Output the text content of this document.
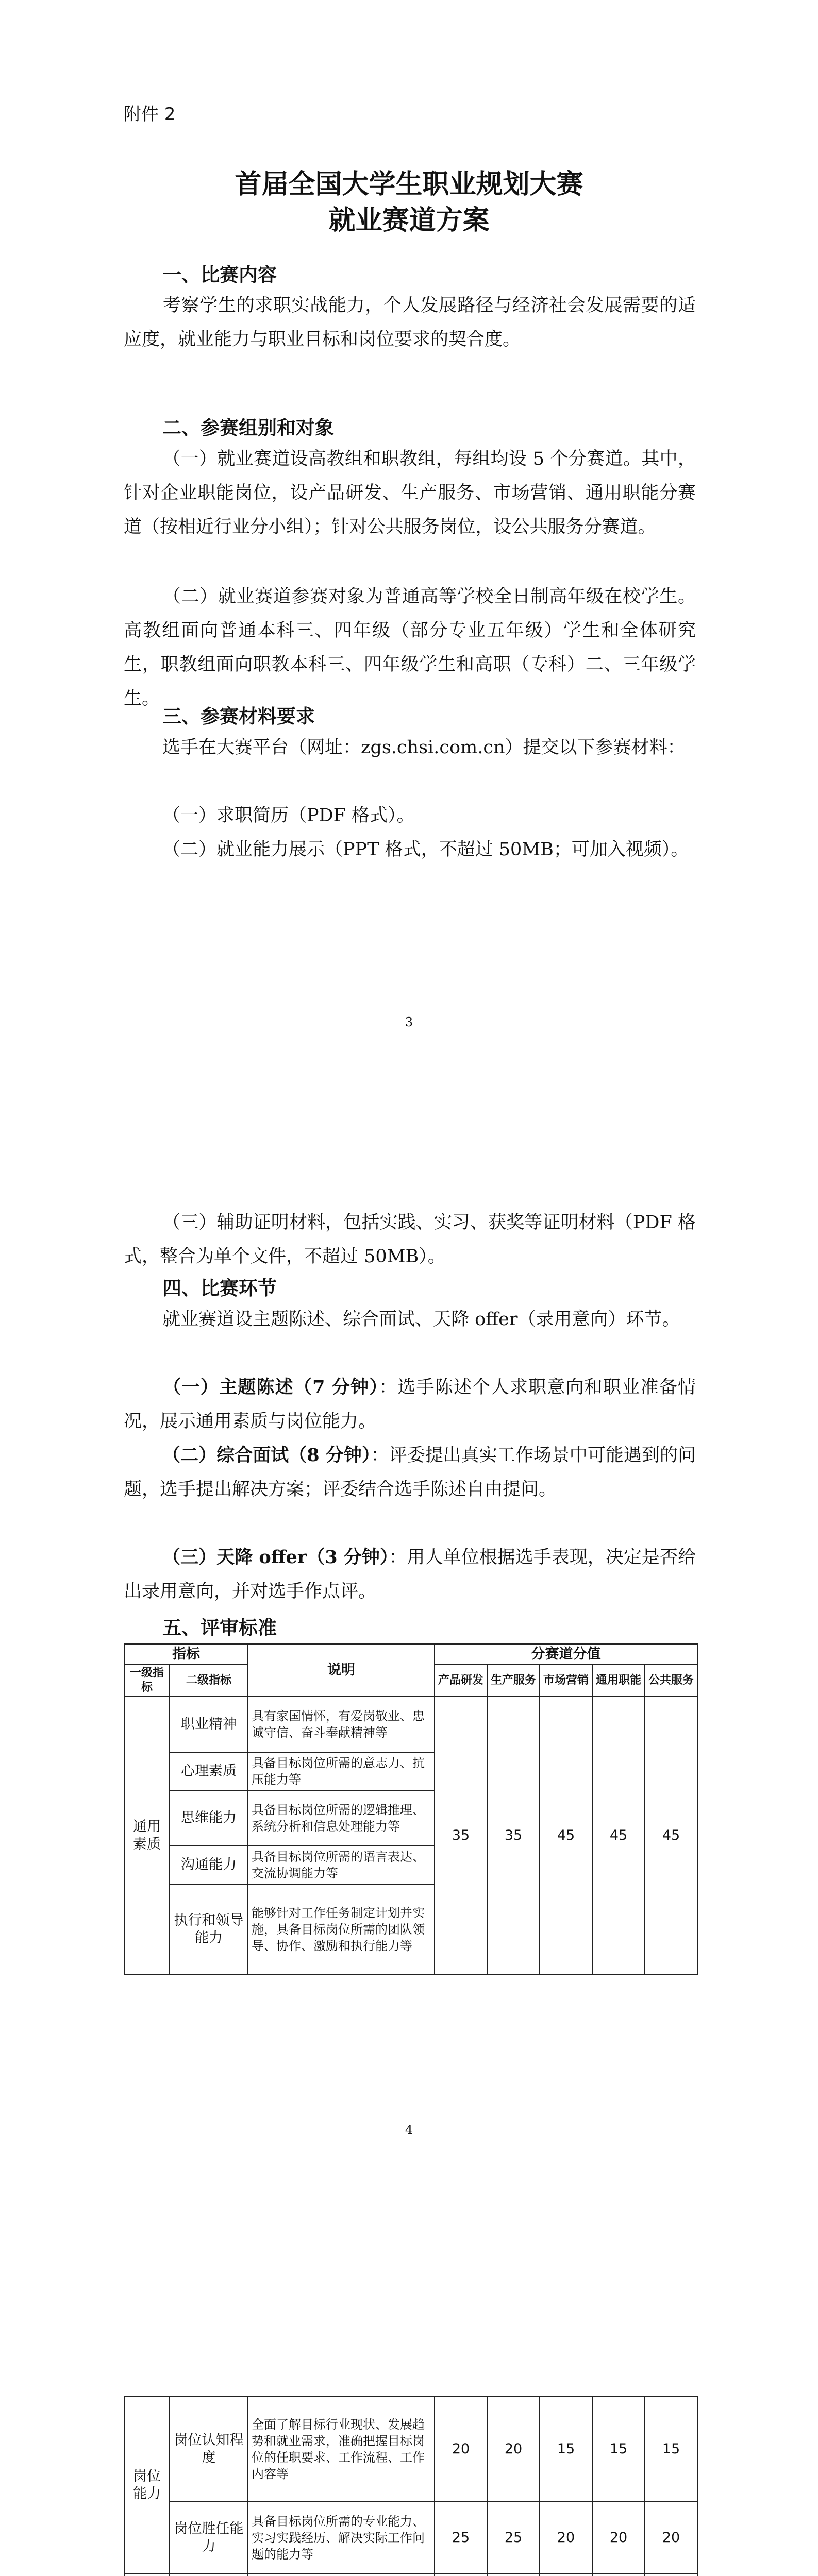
附件 2

首届全国大学生职业规划大赛

就业赛道方案

一、比赛内容

考察学生的求职实战能力，个人发展路径与经济社会发展需要的适应度，就业能力与职业目标和岗位要求的契合度。

二、参赛组别和对象

（一）就业赛道设高教组和职教组，每组均设 5 个分赛道。其中，针对企业职能岗位，设产品研发、生产服务、市场营销、通用职能分赛道（按相近行业分小组）；针对公共服务岗位，设公共服务分赛道。

（二）就业赛道参赛对象为普通高等学校全日制高年级在校学生。高教组面向普通本科三、四年级（部分专业五年级）学生和全体研究生，职教组面向职教本科三、四年级学生和高职（专科）二、三年级学生。

三、参赛材料要求

选手在大赛平台（网址：zgs.chsi.com.cn）提交以下参赛材料：

（一）求职简历（PDF 格式）。

（二）就业能力展示（PPT 格式，不超过 50MB；可加入视频）。

3

（三）辅助证明材料，包括实践、实习、获奖等证明材料（PDF 格式，整合为单个文件，不超过 50MB）。

四、比赛环节

就业赛道设主题陈述、综合面试、天降 offer（录用意向）环节。

（一）主题陈述（7 分钟）：选手陈述个人求职意向和职业准备情况，展示通用素质与岗位能力。

（二）综合面试（8 分钟）：评委提出真实工作场景中可能遇到的问题，选手提出解决方案；评委结合选手陈述自由提问。

（三）天降 offer（3 分钟）：用人单位根据选手表现，决定是否给出录用意向，并对选手作点评。

五、评审标准

指标		说明	分赛道分值				
一级指标	二级指标		产品研发	生产服务	市场营销	通用职能	公共服务
通用素质	职业精神	具有家国情怀，有爱岗敬业、忠诚守信、奋斗奉献精神等	35	35	45	45	45
	心理素质	具备目标岗位所需的意志力、抗压能力等					
	思维能力	具备目标岗位所需的逻辑推理、系统分析和信息处理能力等					
	沟通能力	具备目标岗位所需的语言表达、交流协调能力等					
	执行和领导能力	能够针对工作任务制定计划并实施，具备目标岗位所需的团队领导、协作、激励和执行能力等					

4

岗位能力	岗位认知程度	全面了解目标行业现状、发展趋势和就业需求，准确把握目标岗位的任职要求、工作流程、工作内容等	20	20	15	15	15
	岗位胜任能力	具备目标岗位所需的专业能力、实习实践经历、解决实际工作问题的能力等	25	25	20	20	20
